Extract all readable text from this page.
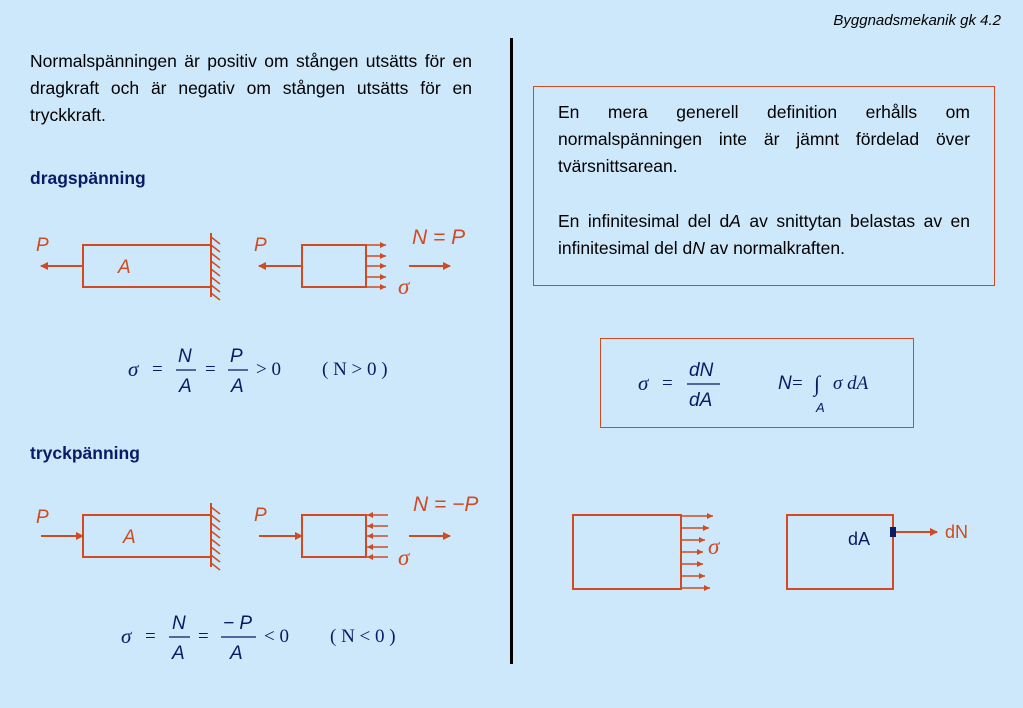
Byggnadsmekanik gk 4.2
Normalspänningen är positiv om stången utsätts för en dragkraft och är negativ om stången utsätts för en tryckkraft.
dragspänning
tryckpänning

En mera generell definition erhålls om normalspänningen inte är jämnt fördelad över tvärsnittsarean.

En infinitesimal del dA av snittytan belastas av en infinitesimal del dN av normalkraften.

P
A
P	N = P
σ
P
A
P	N = −P
σ	σ
dN
dA
σ =
N
A
=
P
A
> 0 ( N > 0 )
σ =
N
A
=
− P
A
< 0 ( N < 0 )
σ =
dN
dA
N = ∫ σ dA
A
